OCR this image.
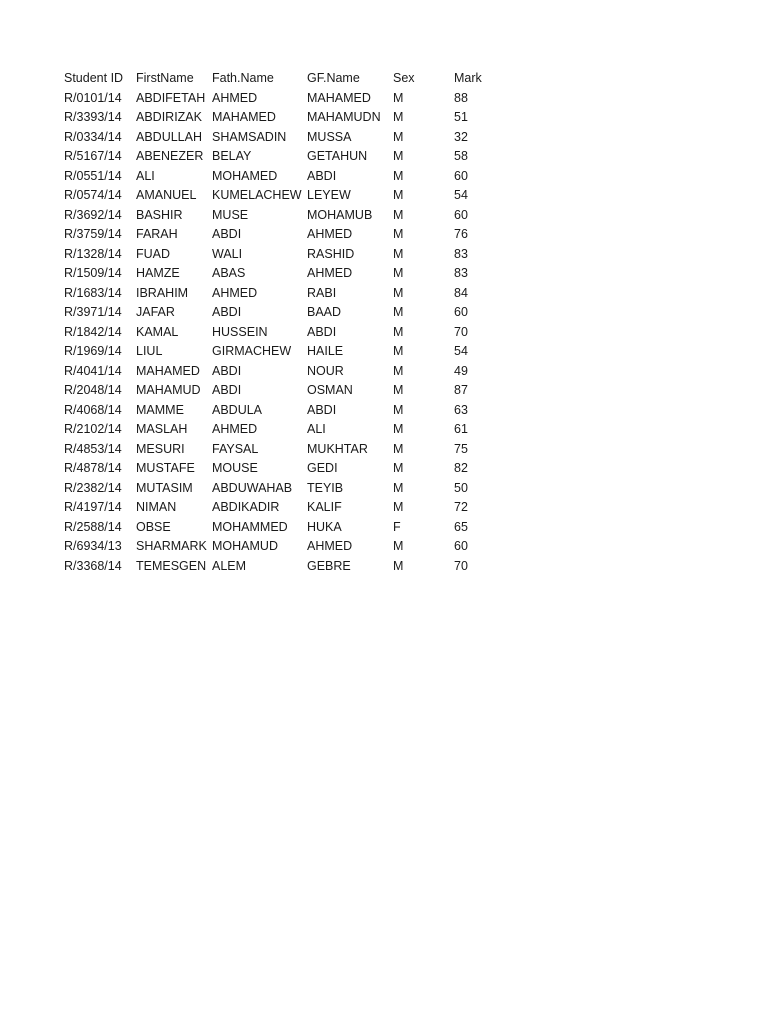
Student ID	FirstName	Fath.Name	GF.Name	Sex	Mark
R/0101/14	ABDIFETAH	AHMED	MAHAMED	M	88
R/3393/14	ABDIRIZAK	MAHAMED	MAHAMUDN	M	51
R/0334/14	ABDULLAH	SHAMSADIN	MUSSA	M	32
R/5167/14	ABENEZER	BELAY	GETAHUN	M	58
R/0551/14	ALI	MOHAMED	ABDI	M	60
R/0574/14	AMANUEL	KUMELACHEW	LEYEW	M	54
R/3692/14	BASHIR	MUSE	MOHAMUB	M	60
R/3759/14	FARAH	ABDI	AHMED	M	76
R/1328/14	FUAD	WALI	RASHID	M	83
R/1509/14	HAMZE	ABAS	AHMED	M	83
R/1683/14	IBRAHIM	AHMED	RABI	M	84
R/3971/14	JAFAR	ABDI	BAAD	M	60
R/1842/14	KAMAL	HUSSEIN	ABDI	M	70
R/1969/14	LIUL	GIRMACHEW	HAILE	M	54
R/4041/14	MAHAMED	ABDI	NOUR	M	49
R/2048/14	MAHAMUD	ABDI	OSMAN	M	87
R/4068/14	MAMME	ABDULA	ABDI	M	63
R/2102/14	MASLAH	AHMED	ALI	M	61
R/4853/14	MESURI	FAYSAL	MUKHTAR	M	75
R/4878/14	MUSTAFE	MOUSE	GEDI	M	82
R/2382/14	MUTASIM	ABDUWAHAB	TEYIB	M	50
R/4197/14	NIMAN	ABDIKADIR	KALIF	M	72
R/2588/14	OBSE	MOHAMMED	HUKA	F	65
R/6934/13	SHARMARK	MOHAMUD	AHMED	M	60
R/3368/14	TEMESGEN	ALEM	GEBRE	M	70
